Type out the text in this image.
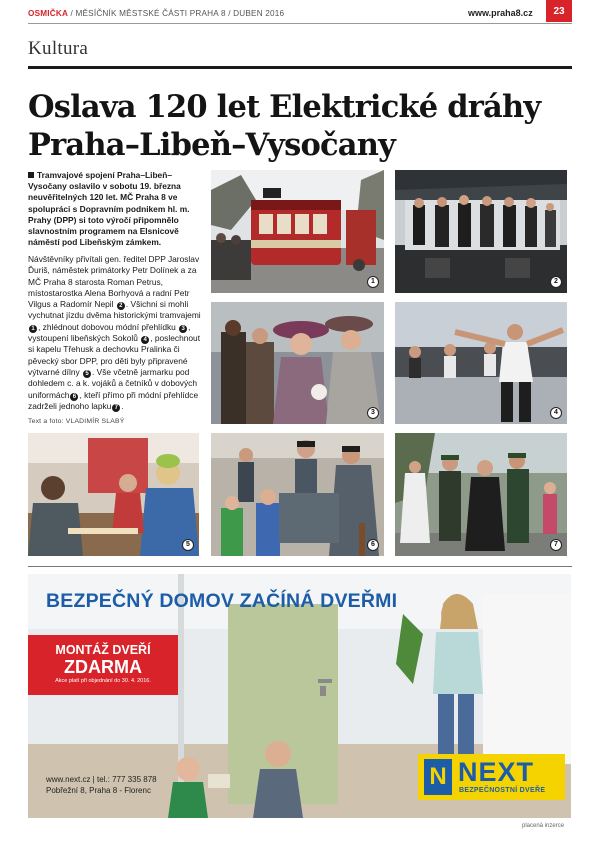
OSMIČKA / MĚSÍČNÍK MĚSTSKÉ ČÁSTI PRAHA 8 / DUBEN 2016	www.praha8.cz	23
Kultura
Oslava 120 let Elektrické dráhy
Praha–Libeň–Vysočany
Tramvajové spojení Praha–Libeň–Vysočany oslavilo v sobotu 19. března neuvěřitelných 120 let. MČ Praha 8 ve spolupráci s Dopravním podnikem hl. m. Prahy (DPP) si toto výročí připomnělo slavnostním programem na Elsnicově náměstí pod Libeňským zámkem.
Návštěvníky přivítali gen. ředitel DPP Jaroslav Ďuriš, náměstek primátorky Petr Dolínek a za MČ Praha 8 starosta Roman Petrus, místostarostka Alena Borhyová a radní Petr Vilgus a Radomír Nepil 2 . Všichni si mohli vychutnat jízdu dvěma historickými tramvajemi 1 , zhlédnout dobovou módní přehlídku 3 , vystoupení libeňských Sokolů 4 , poslechnout si kapelu Třehusk a dechovku Pralinka či pěvecký sbor DPP, pro děti byly připravené výtvarné dílny 5 . Vše včetně jarmarku pod dohledem c. a k. vojáků a četníků v dobových uniformách 6 , kteří přímo při módní přehlídce zadrželi jednoho lapku 7 .
Text a foto: VLADIMÍR SLABÝ
1	2
3	4
5	6	7
BEZPEČNÝ DOMOV ZAČÍNÁ DVEŘMI
MONTÁŽ DVEŘÍ
ZDARMA
Akce platí při objednání do 30. 4. 2016.
www.next.cz | tel.: 777 335 878
Pobřežní 8, Praha 8 - Florenc
N NEXT
BEZPEČNOSTNÍ DVEŘE
placená inzerce
